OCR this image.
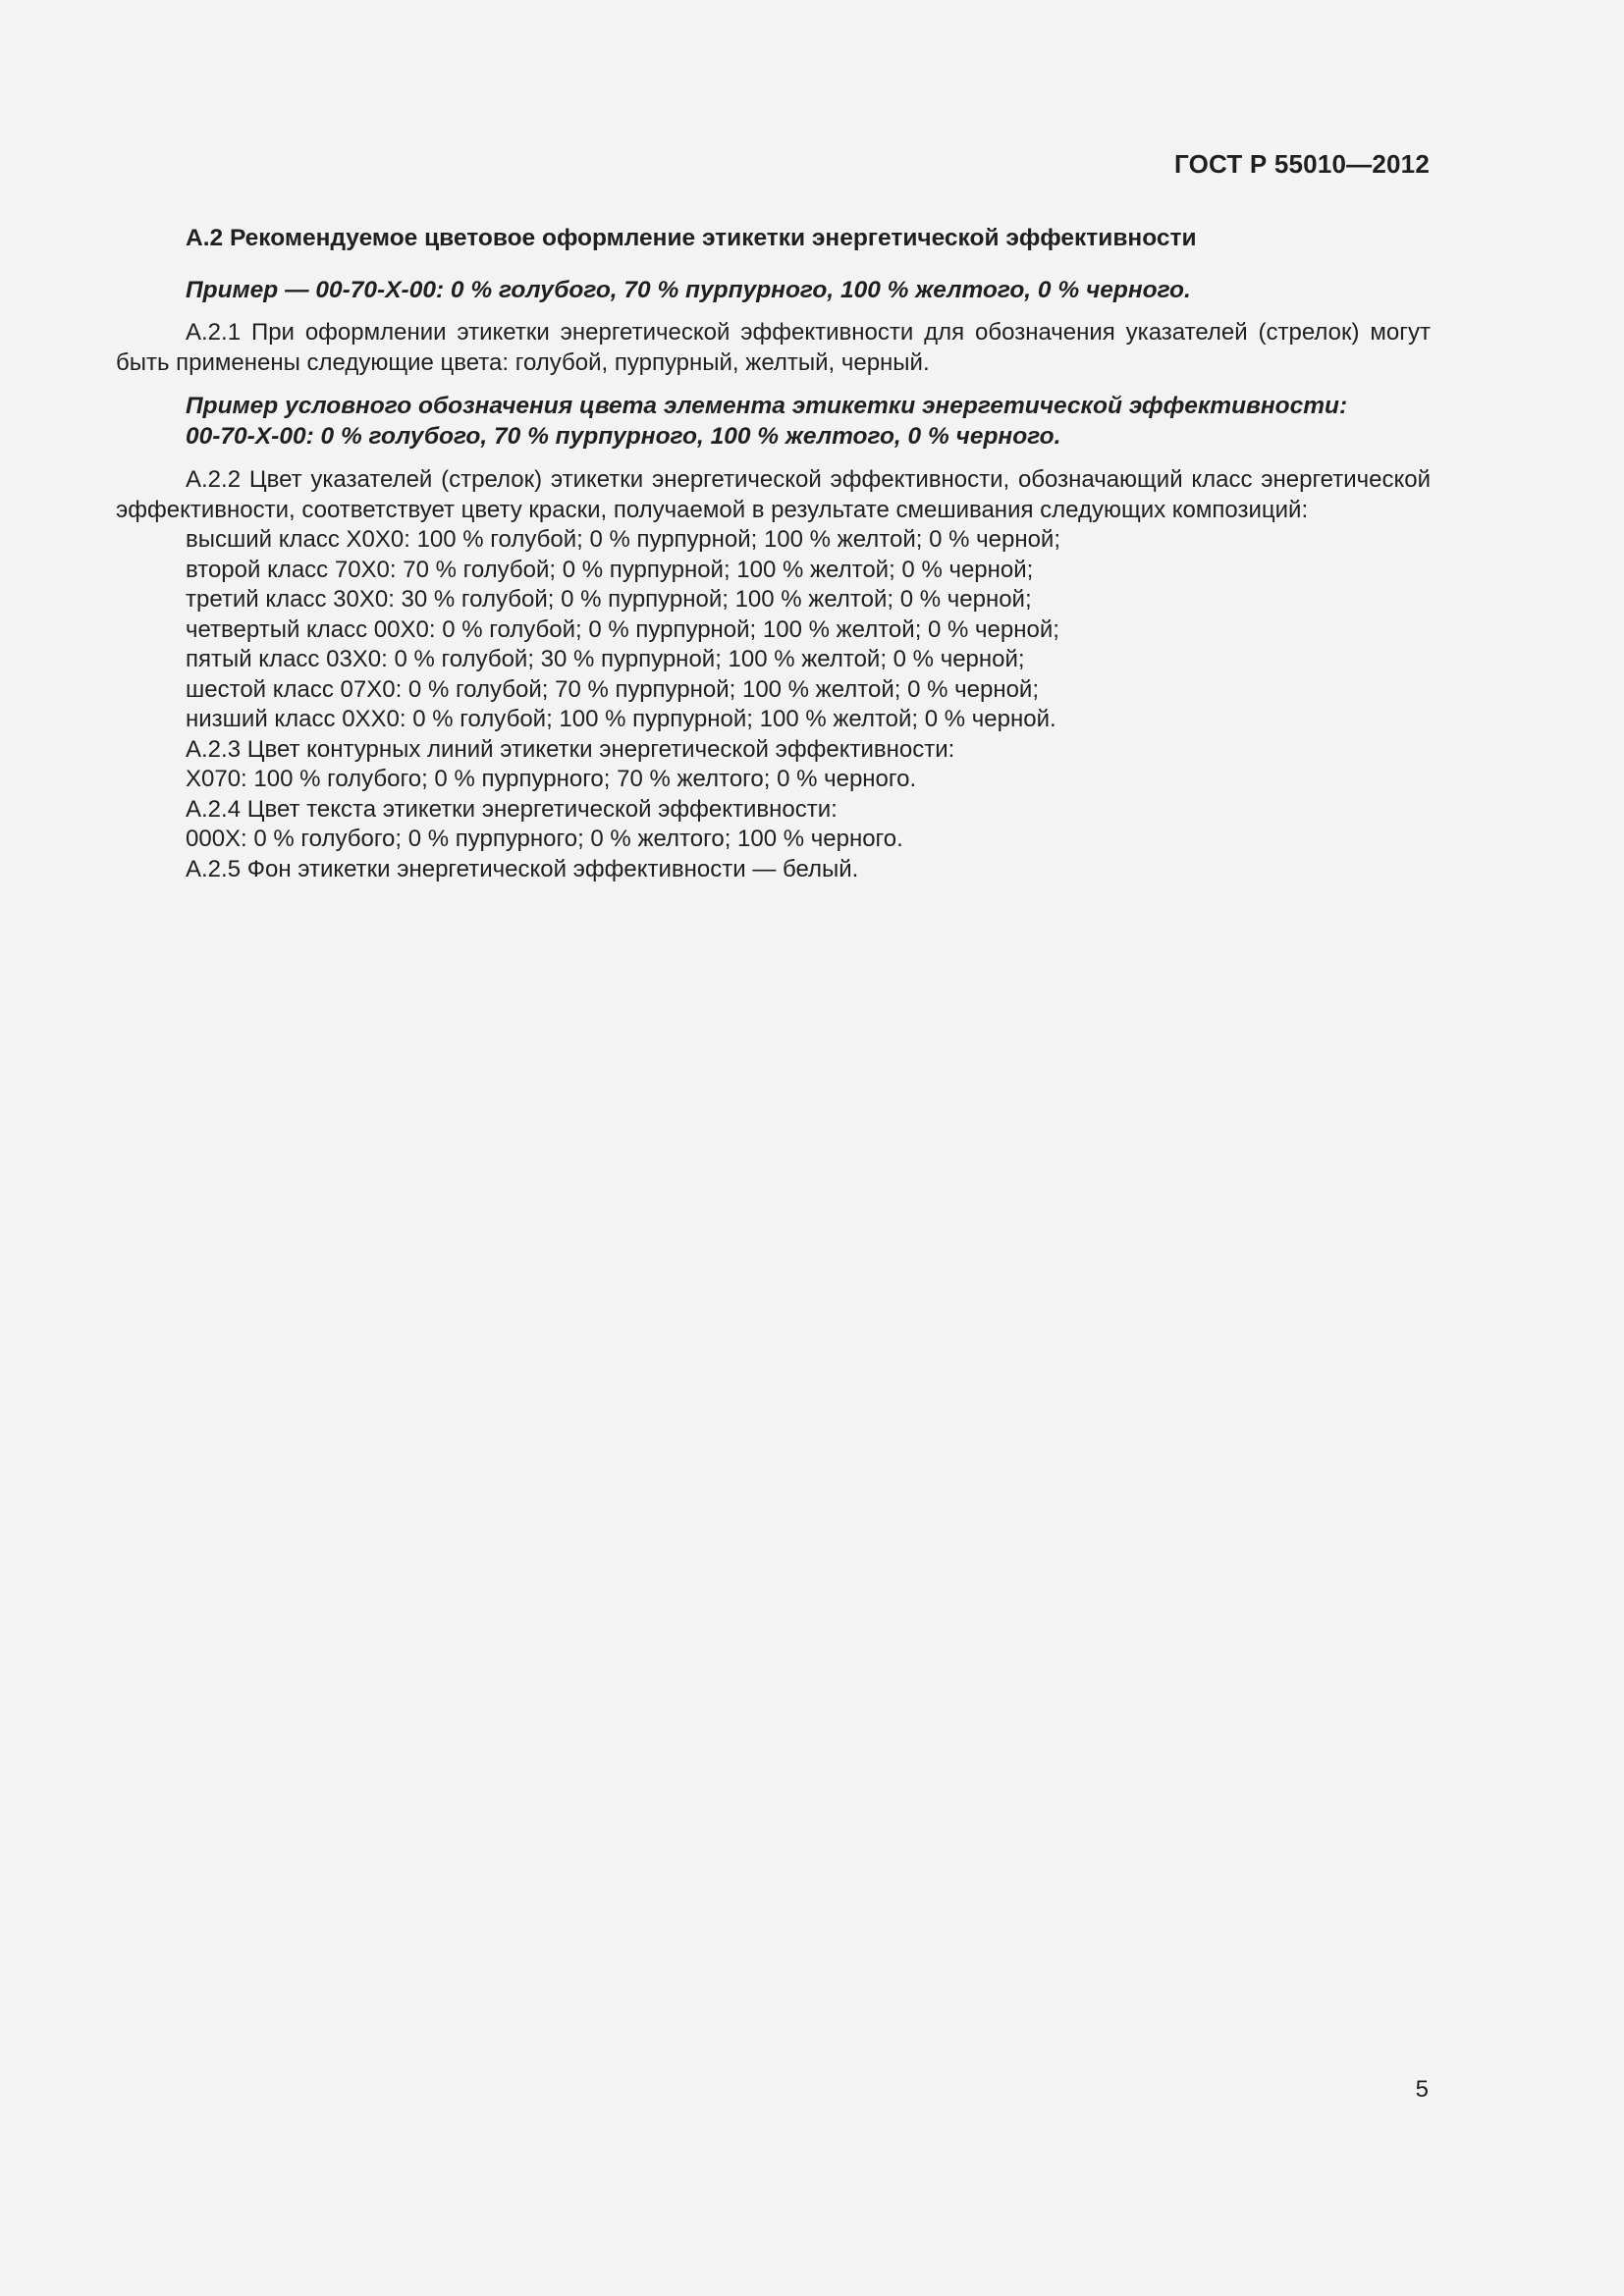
ГОСТ Р 55010—2012

А.2 Рекомендуемое цветовое оформление этикетки энергетической эффективности

Пример — 00-70-Х-00: 0 % голубого, 70 % пурпурного, 100 % желтого, 0 % черного.

А.2.1 При оформлении этикетки энергетической эффективности для обозначения указателей (стрелок) могут быть применены следующие цвета: голубой, пурпурный, желтый, черный.

Пример условного обозначения цвета элемента этикетки энергетической эффективности:

00-70-Х-00: 0 % голубого, 70 % пурпурного, 100 % желтого, 0 % черного.

А.2.2 Цвет указателей (стрелок) этикетки энергетической эффективности, обозначающий класс энергетической эффективности, соответствует цвету краски, получаемой в результате смешивания следующих композиций:

высший класс Х0Х0: 100 % голубой; 0 % пурпурной; 100 % желтой; 0 % черной;

второй класс 70Х0: 70 % голубой; 0 % пурпурной; 100 % желтой; 0 % черной;

третий класс 30Х0: 30 % голубой; 0 % пурпурной; 100 % желтой; 0 % черной;

четвертый класс 00Х0: 0 % голубой; 0 % пурпурной; 100 % желтой; 0 % черной;

пятый класс 03Х0: 0 % голубой; 30 % пурпурной; 100 % желтой; 0 % черной;

шестой класс 07Х0: 0 % голубой; 70 % пурпурной; 100 % желтой; 0 % черной;

низший класс 0ХХ0: 0 % голубой; 100 % пурпурной; 100 % желтой; 0 % черной.

А.2.3 Цвет контурных линий этикетки энергетической эффективности:

Х070: 100 % голубого; 0 % пурпурного; 70 % желтого; 0 % черного.

А.2.4 Цвет текста этикетки энергетической эффективности:

000Х: 0 % голубого; 0 % пурпурного; 0 % желтого; 100 % черного.

А.2.5 Фон этикетки энергетической эффективности — белый.

5
